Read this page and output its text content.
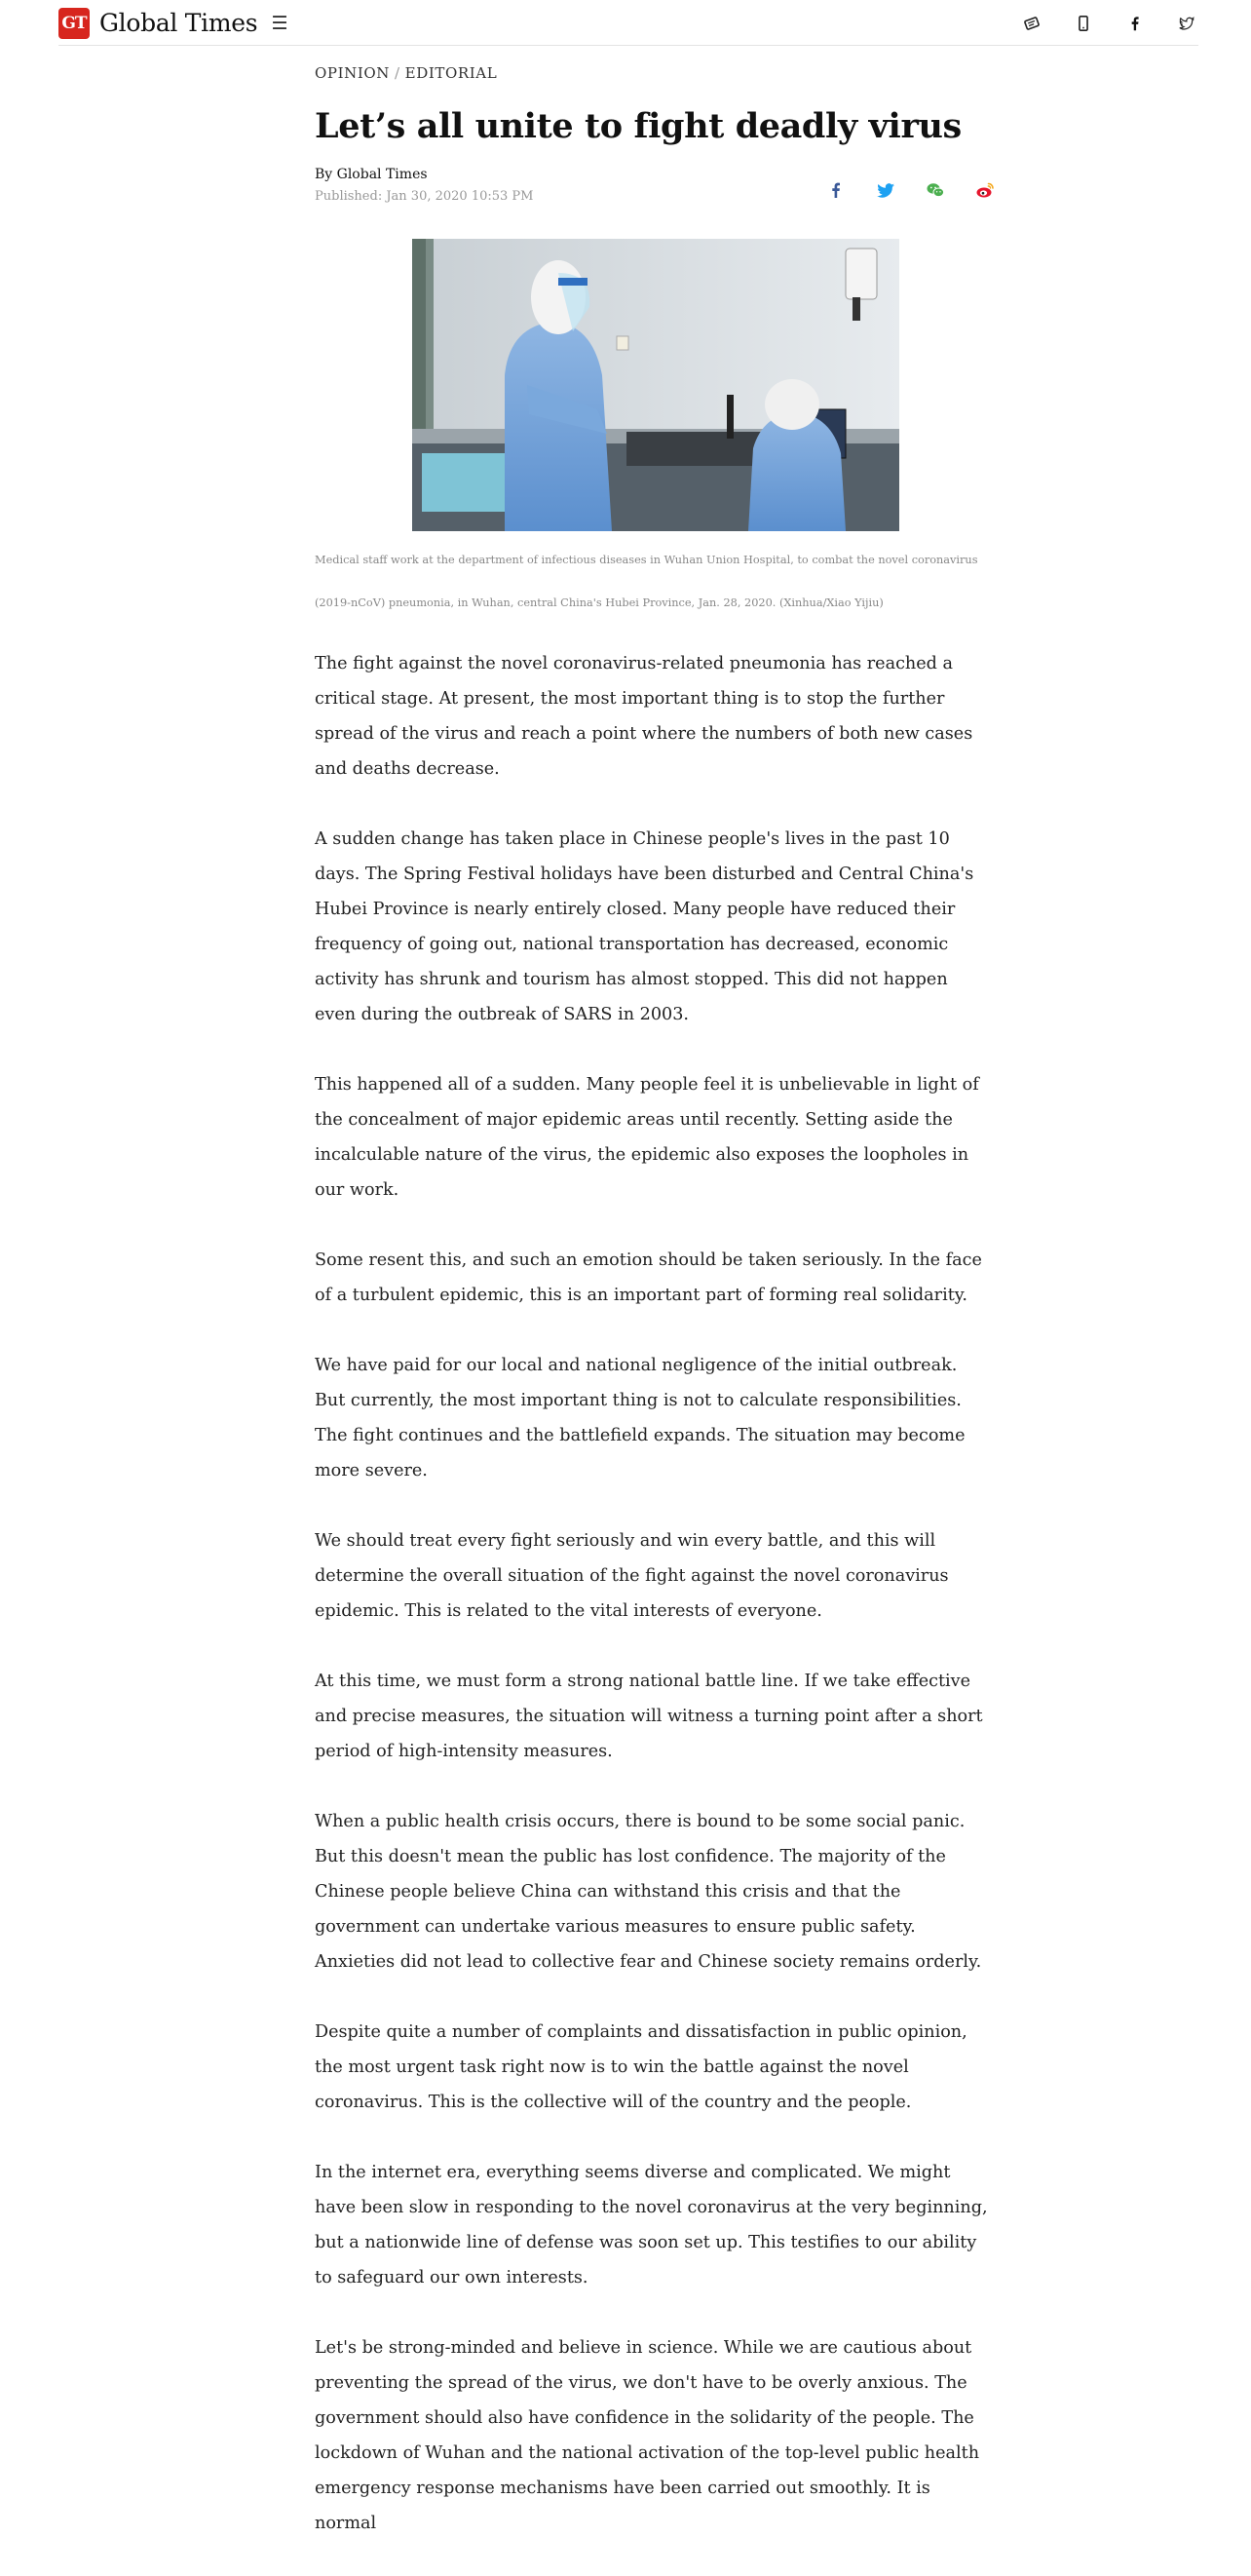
GT Global Times ☰
OPINION / EDITORIAL
Let’s all unite to fight deadly virus
By Global Times
Published: Jan 30, 2020 10:53 PM
Medical staff work at the department of infectious diseases in Wuhan Union Hospital, to combat the novel coronavirus (2019-nCoV) pneumonia, in Wuhan, central China's Hubei Province, Jan. 28, 2020. (Xinhua/Xiao Yijiu)

The fight against the novel coronavirus-related pneumonia has reached a critical stage. At present, the most important thing is to stop the further spread of the virus and reach a point where the numbers of both new cases and deaths decrease.

A sudden change has taken place in Chinese people's lives in the past 10 days. The Spring Festival holidays have been disturbed and Central China's Hubei Province is nearly entirely closed. Many people have reduced their frequency of going out, national transportation has decreased, economic activity has shrunk and tourism has almost stopped. This did not happen even during the outbreak of SARS in 2003.

This happened all of a sudden. Many people feel it is unbelievable in light of the concealment of major epidemic areas until recently. Setting aside the incalculable nature of the virus, the epidemic also exposes the loopholes in our work.

Some resent this, and such an emotion should be taken seriously. In the face of a turbulent epidemic, this is an important part of forming real solidarity.

We have paid for our local and national negligence of the initial outbreak. But currently, the most important thing is not to calculate responsibilities. The fight continues and the battlefield expands. The situation may become more severe.

We should treat every fight seriously and win every battle, and this will determine the overall situation of the fight against the novel coronavirus epidemic. This is related to the vital interests of everyone.

At this time, we must form a strong national battle line. If we take effective and precise measures, the situation will witness a turning point after a short period of high-intensity measures.

When a public health crisis occurs, there is bound to be some social panic. But this doesn't mean the public has lost confidence. The majority of the Chinese people believe China can withstand this crisis and that the government can undertake various measures to ensure public safety. Anxieties did not lead to collective fear and Chinese society remains orderly.

Despite quite a number of complaints and dissatisfaction in public opinion, the most urgent task right now is to win the battle against the novel coronavirus. This is the collective will of the country and the people.

In the internet era, everything seems diverse and complicated. We might have been slow in responding to the novel coronavirus at the very beginning, but a nationwide line of defense was soon set up. This testifies to our ability to safeguard our own interests.

Let's be strong-minded and believe in science. While we are cautious about preventing the spread of the virus, we don't have to be overly anxious. The government should also have confidence in the solidarity of the people. The lockdown of Wuhan and the national activation of the top-level public health emergency response mechanisms have been carried out smoothly. It is normal
